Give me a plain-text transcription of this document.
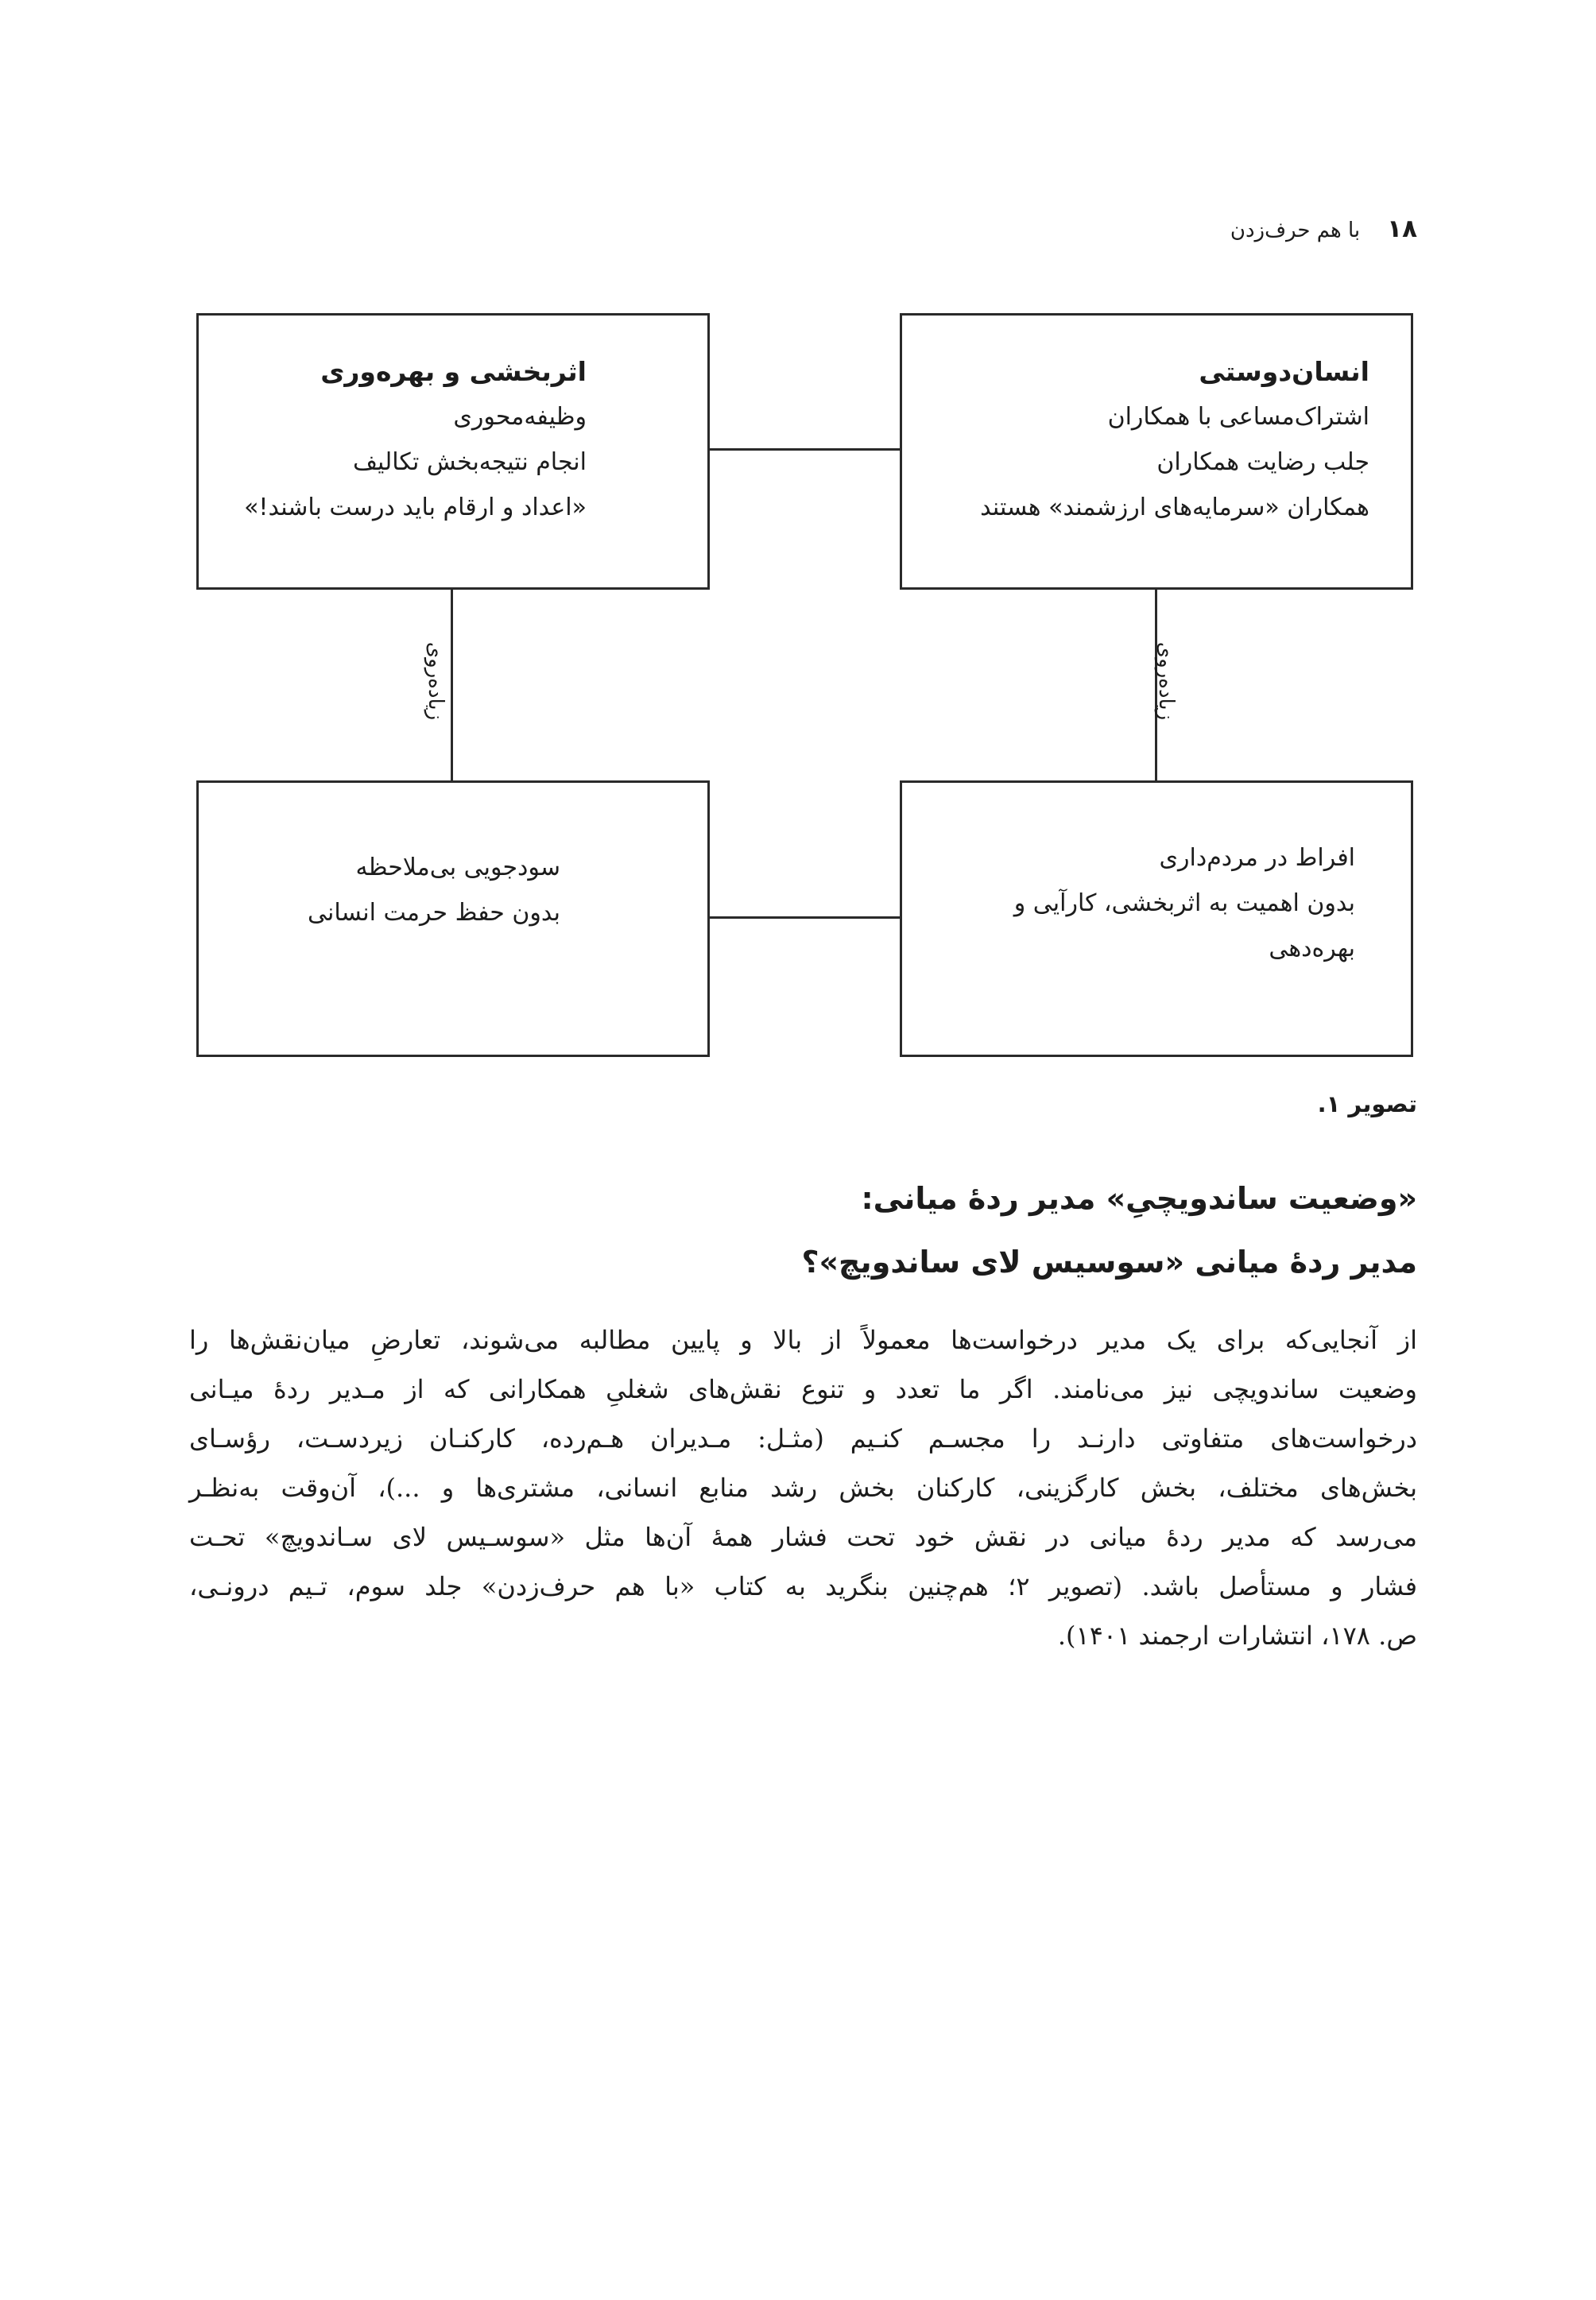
۱۸
با هم حرف‌زدن
انسان‌دوستی
اشتراک‌مساعی با همکاران
جلب رضایت همکاران
همکاران «سرمایه‌های ارزشمند» هستند
اثربخشی و بهره‌وری
وظیفه‌محوری
انجام نتیجه‌بخش تکالیف
«اعداد و ارقام باید درست باشند!»
افراط در مردم‌داری
بدون اهمیت به اثربخشی، کارآیی و بهره‌دهی
سودجویی بی‌ملاحظه
بدون حفظ حرمت انسانی
زیاده‌روی	زیاده‌روی
تصویر ۱.
«وضعیت ساندویچیِ» مدیر ردهٔ میانی:
مدیر ردهٔ میانی «سوسیس لای ساندویچ»؟
از آنجایی‌که برای یک مدیر درخواست‌ها معمولاً از بالا و پایین مطالبه می‌شوند، تعارضِ میان‌نقش‌ها را
وضعیت ساندویچی نیز می‌نامند. اگر ما تعدد و تنوع نقش‌های شغلیِ همکارانی که از مـدیر ردهٔ میـانی
درخواست‌های متفاوتی دارنـد را مجسـم کنـیم (مثـل: مـدیران هـم‌رده، کارکنـان زیردسـت، رؤسـای
بخش‌های مختلف، بخش کارگزینی، کارکنان بخش رشد منابع انسانی، مشتری‌ها و ...)، آن‌وقت به‌نظـر
می‌رسد که مدیر ردهٔ میانی در نقش خود تحت فشار همهٔ آن‌ها مثل «سوسـیس لای سـاندویچ» تحـت
فشار و مستأصل باشد. (تصویر ۲؛ هم‌چنین بنگرید به کتاب «با هم حرف‌زدن» جلد سوم، تـیم درونـی،
ص. ۱۷۸، انتشارات ارجمند ۱۴۰۱).
